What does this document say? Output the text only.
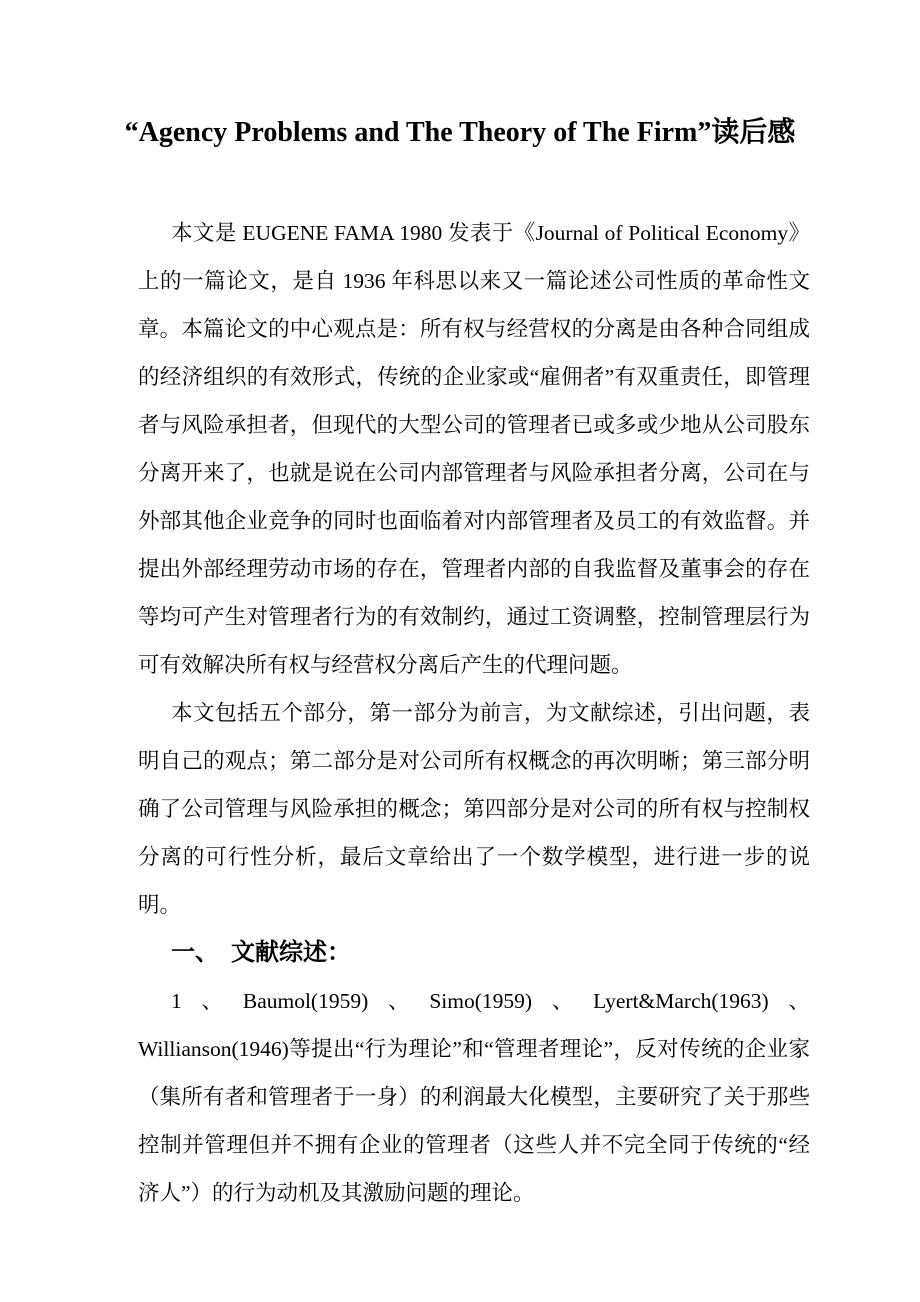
“Agency Problems and The Theory of The Firm”读后感

本文是 EUGENE FAMA 1980 发表于《Journal of Political Economy》上的一篇论文，是自 1936 年科思以来又一篇论述公司性质的革命性文章。本篇论文的中心观点是：所有权与经营权的分离是由各种合同组成的经济组织的有效形式，传统的企业家或“雇佣者”有双重责任，即管理者与风险承担者，但现代的大型公司的管理者已或多或少地从公司股东分离开来了，也就是说在公司内部管理者与风险承担者分离，公司在与外部其他企业竞争的同时也面临着对内部管理者及员工的有效监督。并提出外部经理劳动市场的存在，管理者内部的自我监督及董事会的存在等均可产生对管理者行为的有效制约，通过工资调整，控制管理层行为可有效解决所有权与经营权分离后产生的代理问题。

本文包括五个部分，第一部分为前言，为文献综述，引出问题，表明自己的观点；第二部分是对公司所有权概念的再次明晰；第三部分明确了公司管理与风险承担的概念；第四部分是对公司的所有权与控制权分离的可行性分析，最后文章给出了一个数学模型，进行进一步的说明。

一、　文献综述：

1、Baumol(1959)、Simo(1959)、Lyert&March(1963)、Willianson(1946)等提出“行为理论”和“管理者理论”，反对传统的企业家（集所有者和管理者于一身）的利润最大化模型，主要研究了关于那些控制并管理但并不拥有企业的管理者（这些人并不完全同于传统的“经济人”）的行为动机及其激励问题的理论。
